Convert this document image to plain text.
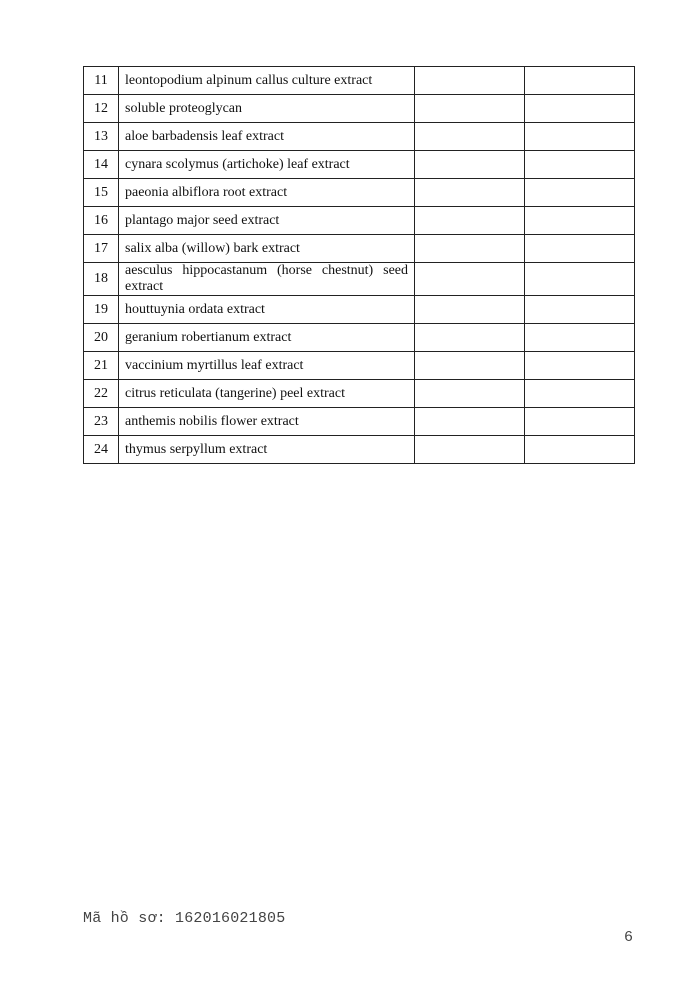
11	leontopodium alpinum callus culture extract		
12	soluble proteoglycan		
13	aloe barbadensis leaf extract		
14	cynara scolymus (artichoke) leaf extract		
15	paeonia albiflora root extract		
16	plantago major seed extract		
17	salix alba (willow) bark extract		
18	aesculus hippocastanum (horse chestnut) seed extract		

19	houttuynia ordata extract		
20	geranium robertianum extract		
21	vaccinium myrtillus leaf extract		
22	citrus reticulata (tangerine) peel extract		
23	anthemis nobilis flower extract		
24	thymus serpyllum extract		
Mã hồ sơ: 162016021805
6
